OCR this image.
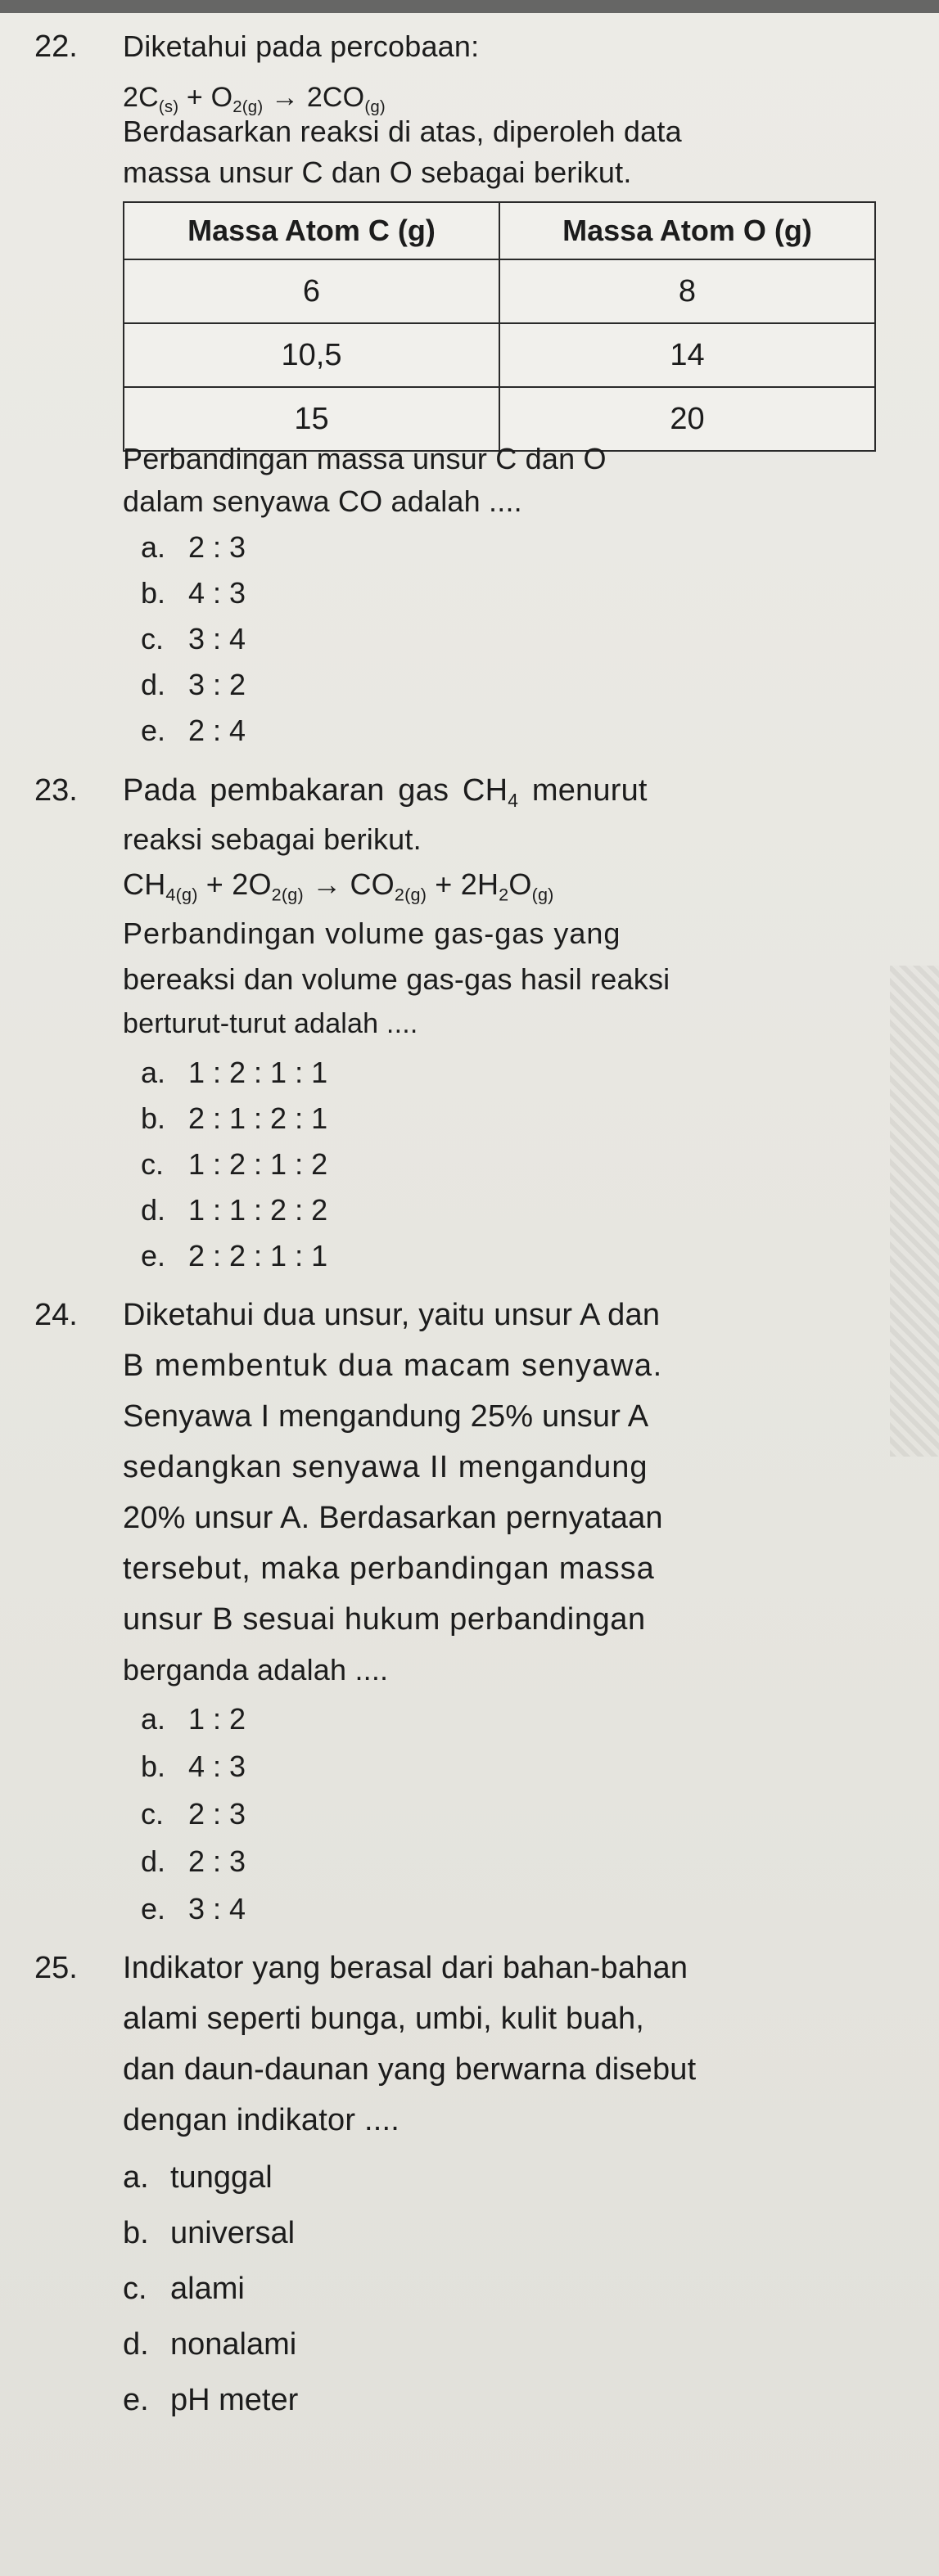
22. Diketahui pada percobaan:
$2C_{(s)} + O_{2(g)} \to 2CO_{(g)}$
Berdasarkan reaksi di atas, diperoleh data
massa unsur C dan O sebagai berikut.
Massa Atom C (g)	Massa Atom O (g)
6	8
10,5	14
15	20
Perbandingan massa unsur C dan O
dalam senyawa CO adalah ....
a. 2 : 3
b. 4 : 3
c. 3 : 4
d. 3 : 2
e. 2 : 4
23. Pada pembakaran gas $CH_4$ menurut
reaksi sebagai berikut.
$CH_{4(g)} + 2O_{2(g)} \to CO_{2(g)} + 2H_2O_{(g)}$
Perbandingan volume gas-gas yang
bereaksi dan volume gas-gas hasil reaksi
berturut-turut adalah ....
a. 1 : 2 : 1 : 1
b. 2 : 1 : 2 : 1
c. 1 : 2 : 1 : 2
d. 1 : 1 : 2 : 2
e. 2 : 2 : 1 : 1
24. Diketahui dua unsur, yaitu unsur A dan
B membentuk dua macam senyawa.
Senyawa I mengandung 25% unsur A
sedangkan senyawa II mengandung
20% unsur A. Berdasarkan pernyataan
tersebut, maka perbandingan massa
unsur B sesuai hukum perbandingan
berganda adalah ....
a. 1 : 2
b. 4 : 3
c. 2 : 3
d. 2 : 3
e. 3 : 4
25. Indikator yang berasal dari bahan-bahan
alami seperti bunga, umbi, kulit buah,
dan daun-daunan yang berwarna disebut
dengan indikator ....
a. tunggal
b. universal
c. alami
d. nonalami
e. pH meter
